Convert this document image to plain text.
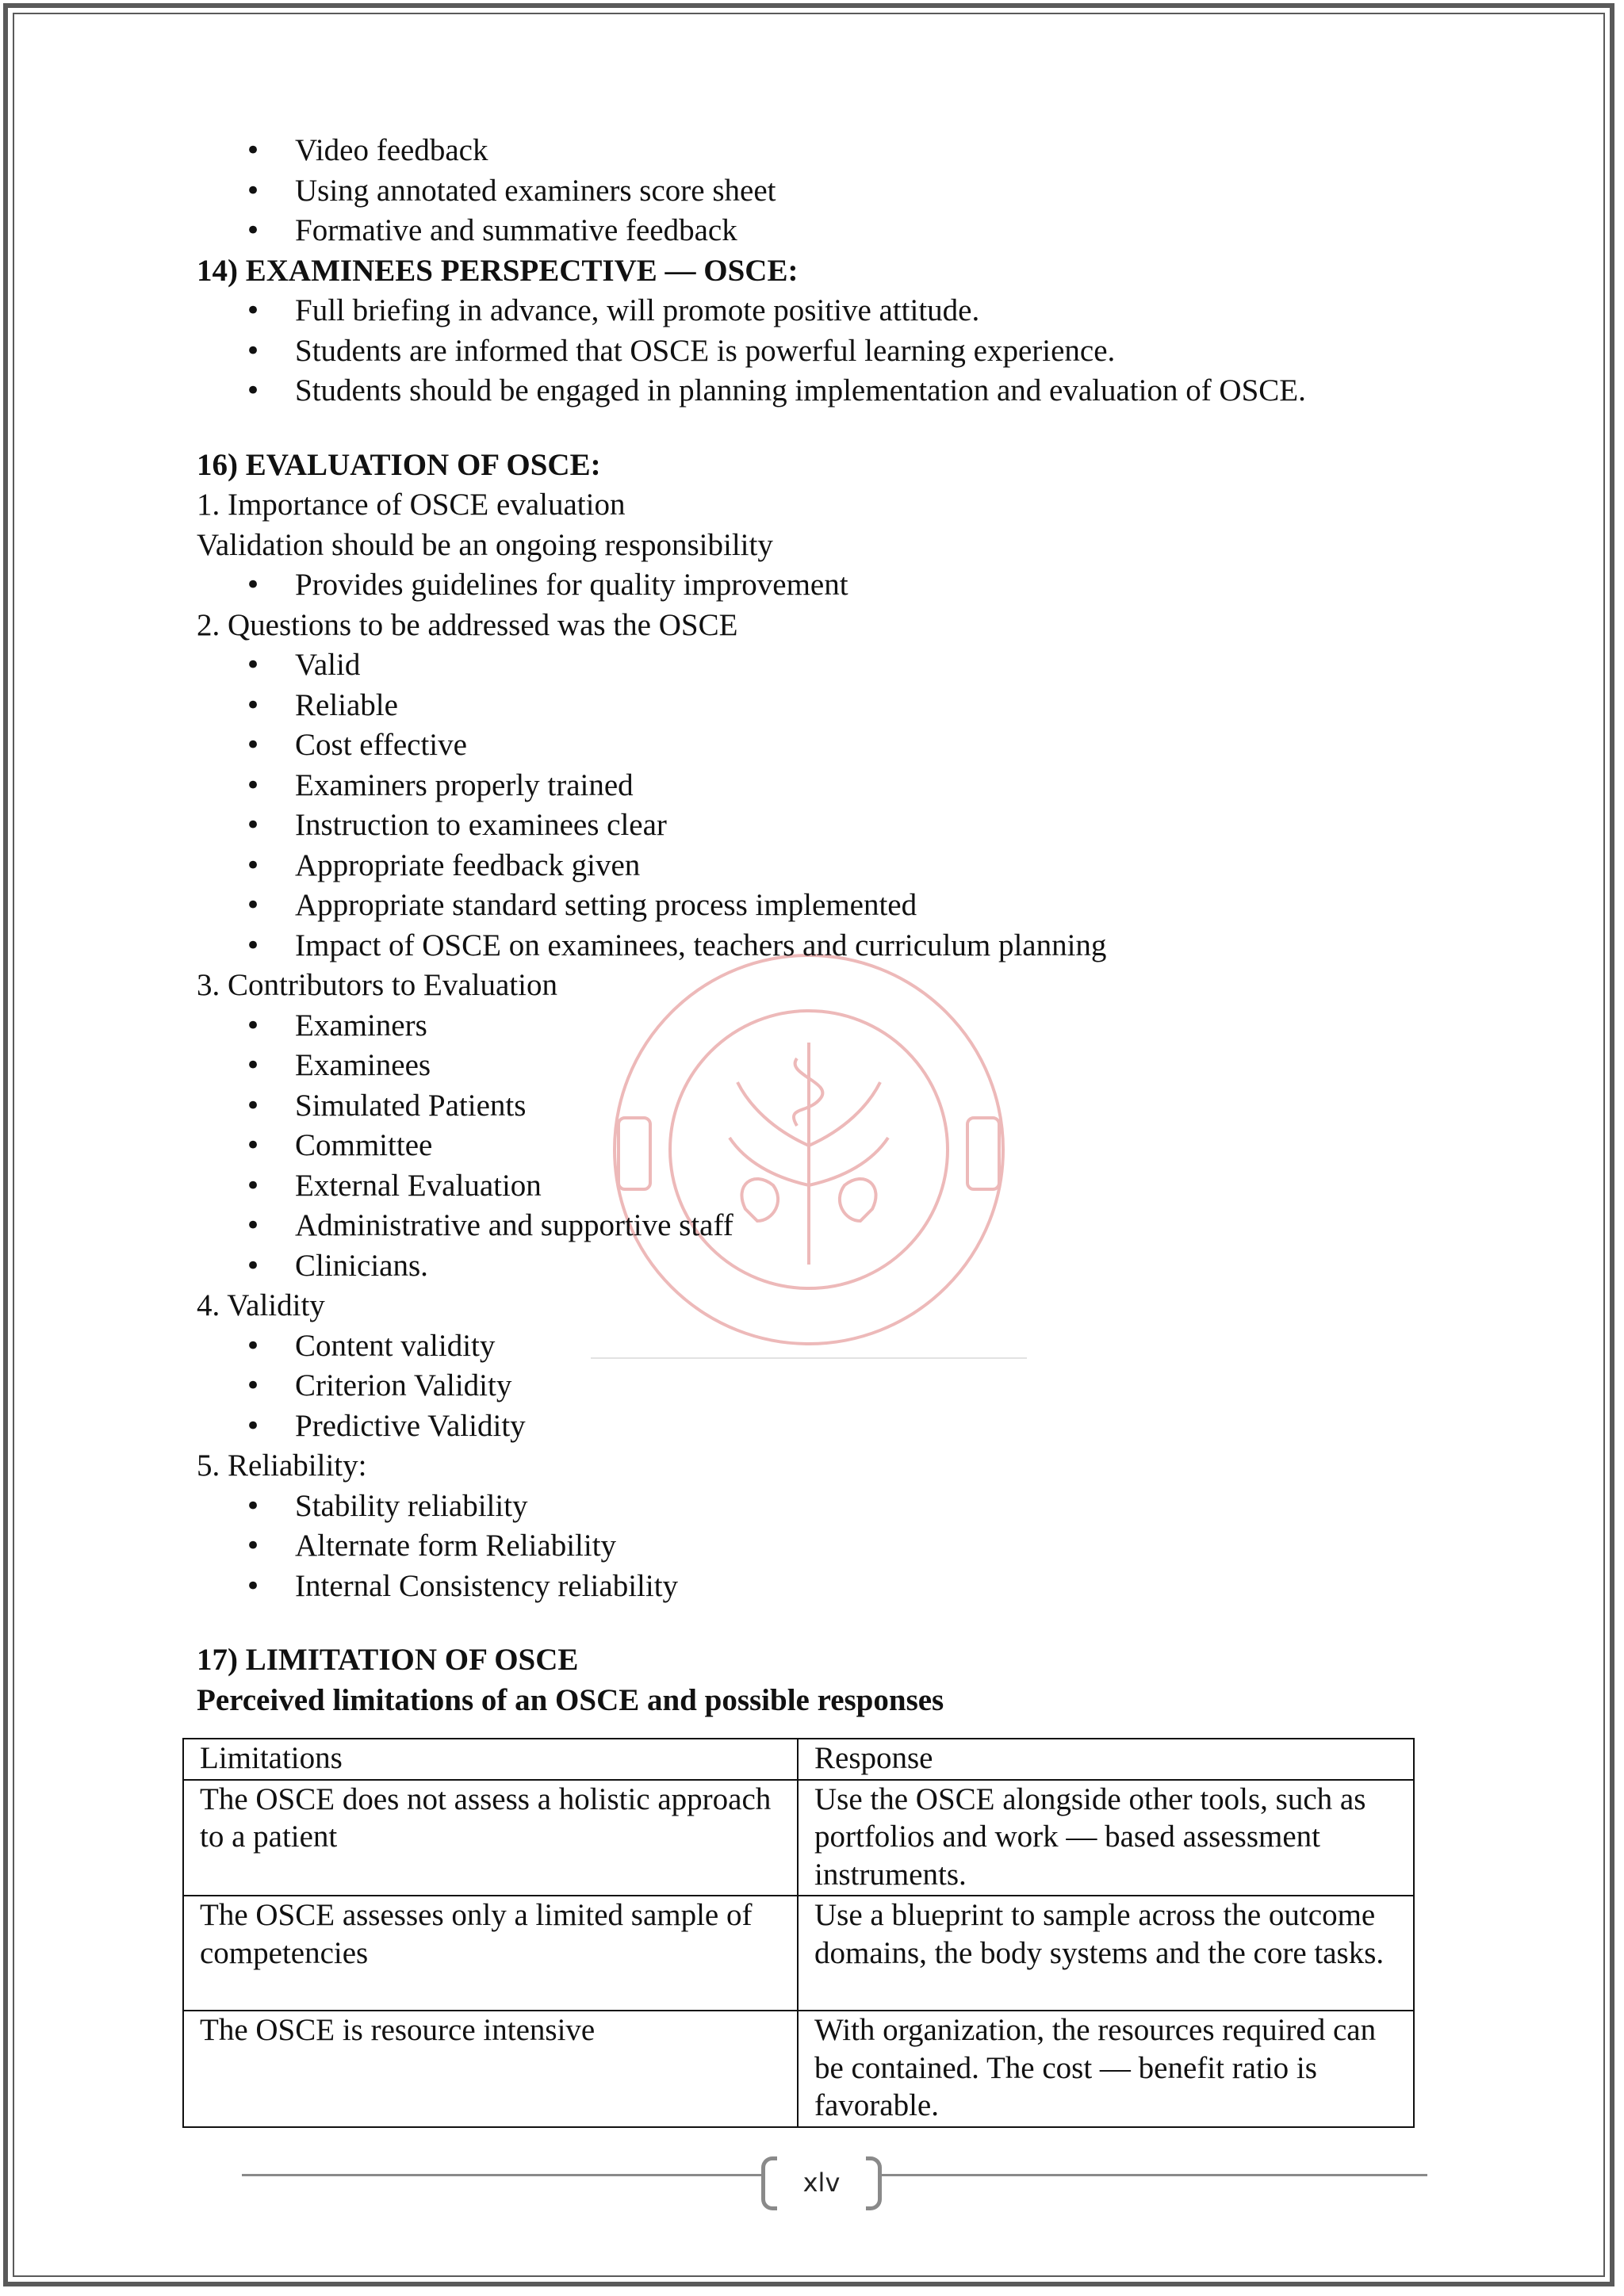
• Video feedback
• Using annotated examiners score sheet
• Formative and summative feedback

14) EXAMINEES PERSPECTIVE — OSCE:

• Full briefing in advance, will promote positive attitude.
• Students are informed that OSCE is powerful learning experience.
• Students should be engaged in planning implementation and evaluation of OSCE.

16) EVALUATION OF OSCE:

1. Importance of OSCE evaluation

Validation should be an ongoing responsibility

• Provides guidelines for quality improvement

2. Questions to be addressed was the OSCE

• Valid
• Reliable
• Cost effective
• Examiners properly trained
• Instruction to examinees clear
• Appropriate feedback given
• Appropriate standard setting process implemented
• Impact of OSCE on examinees, teachers and curriculum planning

3. Contributors to Evaluation

• Examiners
• Examinees
• Simulated Patients
• Committee
• External Evaluation
• Administrative and supportive staff
• Clinicians.

4. Validity

• Content validity
• Criterion Validity
• Predictive Validity

5. Reliability:

• Stability reliability
• Alternate form Reliability
• Internal Consistency reliability

17) LIMITATION OF OSCE

Perceived limitations of an OSCE and possible responses

Limitations	Response
The OSCE does not assess a holistic approach to a patient	Use the OSCE alongside other tools, such as portfolios and work — based assessment instruments.
The OSCE assesses only a limited sample of competencies	Use a blueprint to sample across the outcome domains, the body systems and the core tasks.
The OSCE is resource intensive	With organization, the resources required can be contained. The cost — benefit ratio is favorable.
xlv
